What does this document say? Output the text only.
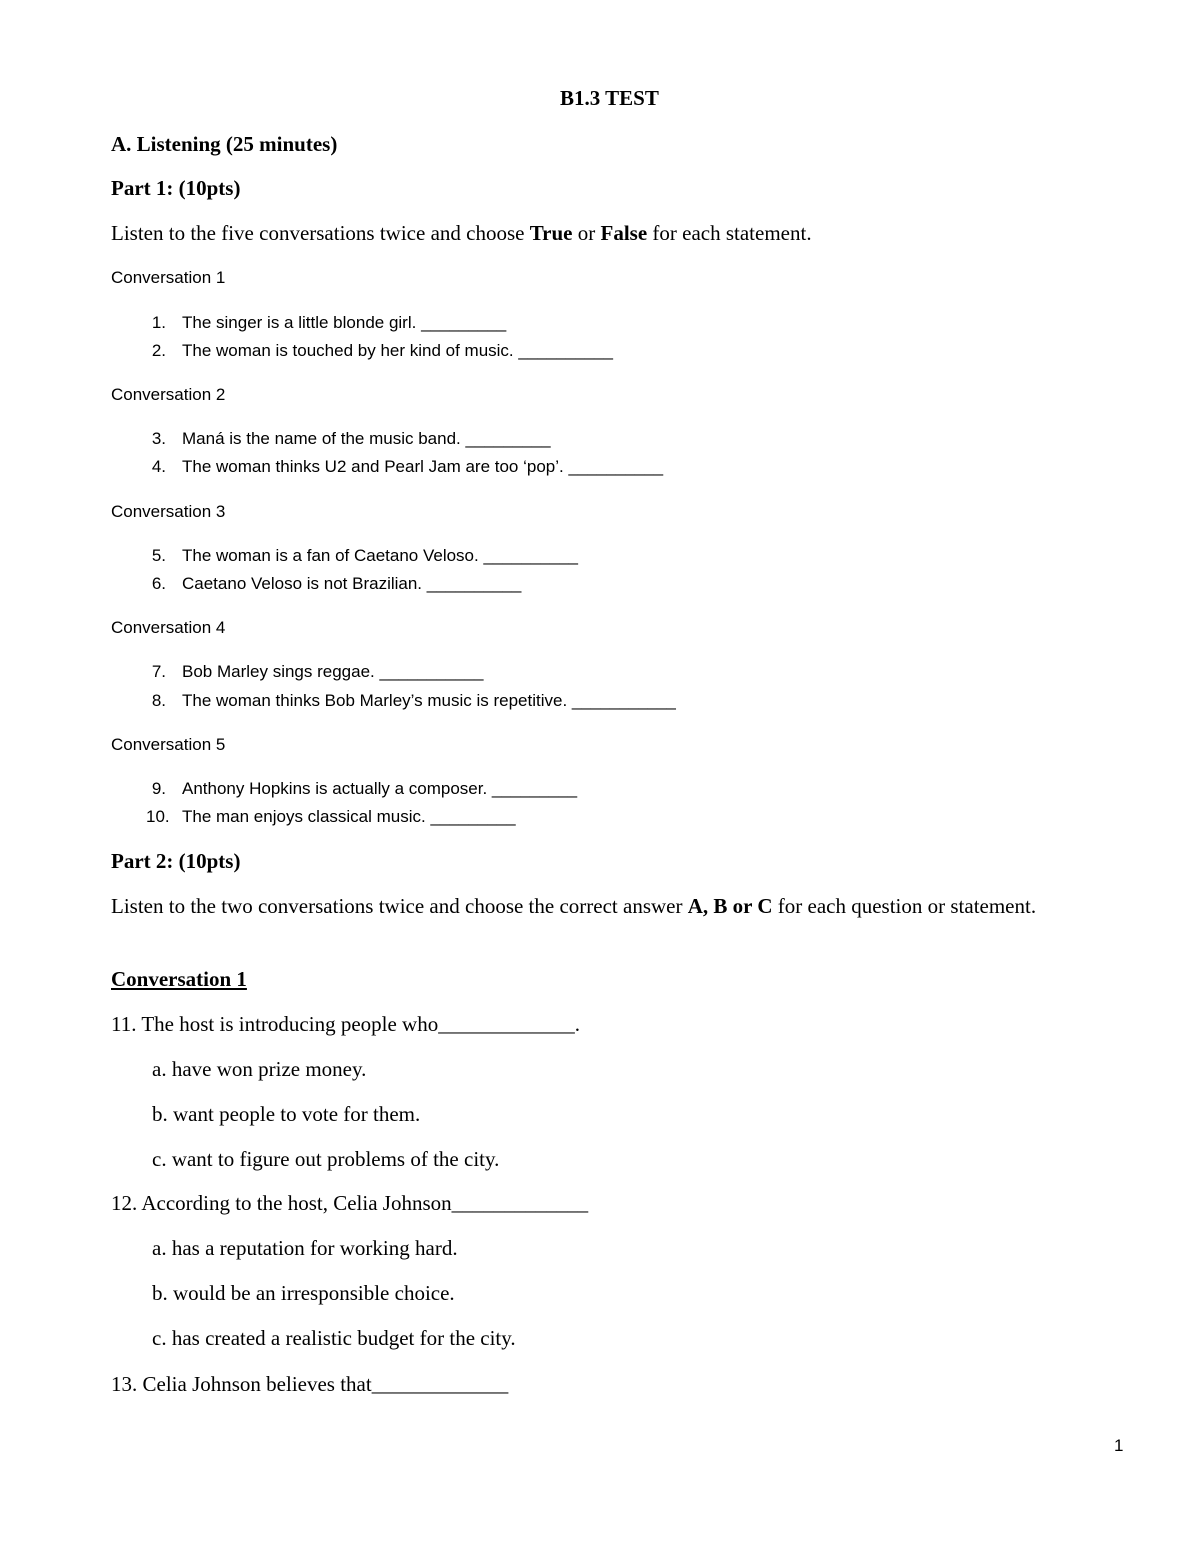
B1.3 TEST
A. Listening (25 minutes)
Part 1: (10pts)
Listen to the five conversations twice and choose True or False for each statement.
Conversation 1
1. The singer is a little blonde girl. _________
2. The woman is touched by her kind of music. __________
Conversation 2
3. Maná is the name of the music band. _________
4. The woman thinks U2 and Pearl Jam are too ‘pop’. __________
Conversation 3
5. The woman is a fan of Caetano Veloso. __________
6. Caetano Veloso is not Brazilian. __________
Conversation 4
7. Bob Marley sings reggae. ___________
8. The woman thinks Bob Marley’s music is repetitive. ___________
Conversation 5
9. Anthony Hopkins is actually a composer. _________
10. The man enjoys classical music. _________
Part 2: (10pts)
Listen to the two conversations twice and choose the correct answer A, B or C for each question or statement.
Conversation 1
11. The host is introducing people who_____________.
a. have won prize money.
b. want people to vote for them.
c. want to figure out problems of the city.
12. According to the host, Celia Johnson_____________
a. has a reputation for working hard.
b. would be an irresponsible choice.
c. has created a realistic budget for the city.
13. Celia Johnson believes that_____________
1
